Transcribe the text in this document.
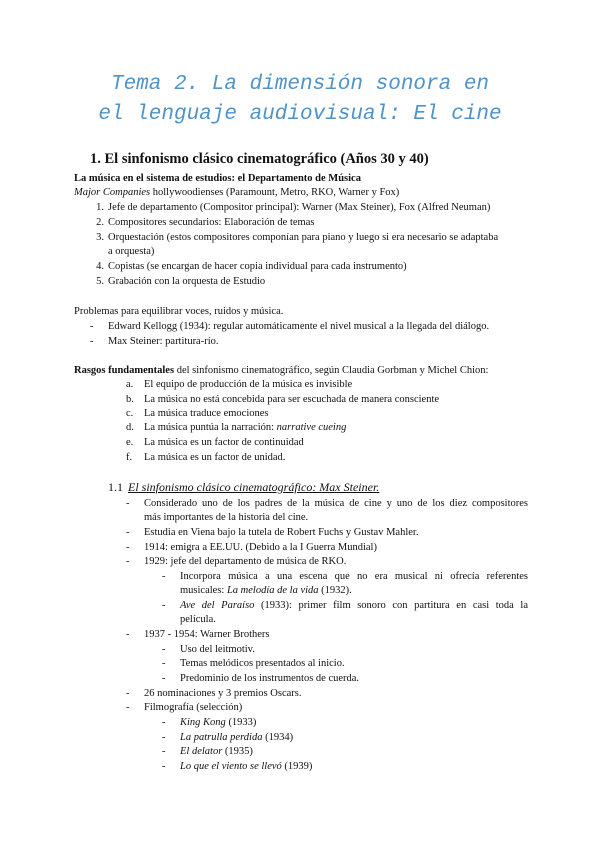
Tema 2. La dimensión sonora en
el lenguaje audiovisual: El cine
1. El sinfonismo clásico cinematográfico (Años 30 y 40)
La música en el sistema de estudios: el Departamento de Música
Major Companies hollywoodienses (Paramount, Metro, RKO, Warner y Fox)
1. Jefe de departamento (Compositor principal): Warner (Max Steiner), Fox (Alfred Neuman)
2. Compositores secundarios: Elaboración de temas
3. Orquestación (estos compositores componían para piano y luego si era necesario se adaptaba
a orquesta)
4. Copistas (se encargan de hacer copia individual para cada instrumento)
5. Grabación con la orquesta de Estudio
Problemas para equilibrar voces, ruidos y música.
- Edward Kellogg (1934): regular automáticamente el nivel musical a la llegada del diálogo.
- Max Steiner: partitura-río.
Rasgos fundamentales del sinfonismo cinematográfico, según Claudia Gorbman y Michel Chion:
a. El equipo de producción de la música es invisible
b. La música no está concebida para ser escuchada de manera consciente
c. La música traduce emociones
d. La música puntúa la narración: narrative cueing
e. La música es un factor de continuidad
f. La música es un factor de unidad.
1.1 El sinfonismo clásico cinematográfico: Max Steiner.
- Considerado uno de los padres de la música de cine y uno de los diez compositores
más importantes de la historia del cine.
- Estudia en Viena bajo la tutela de Robert Fuchs y Gustav Mahler.
- 1914: emigra a EE.UU. (Debido a la I Guerra Mundial)
- 1929: jefe del departamento de música de RKO.
- Incorpora música a una escena que no era musical ni ofrecía referentes
musicales: La melodía de la vida (1932).
- Ave del Paraíso (1933): primer film sonoro con partitura en casi toda la
película.
- 1937 - 1954: Warner Brothers
- Uso del leitmotiv.
- Temas melódicos presentados al inicio.
- Predominio de los instrumentos de cuerda.
- 26 nominaciones y 3 premios Oscars.
- Filmografía (selección)
- King Kong (1933)
- La patrulla perdida (1934)
- El delator (1935)
- Lo que el viento se llevó (1939)
